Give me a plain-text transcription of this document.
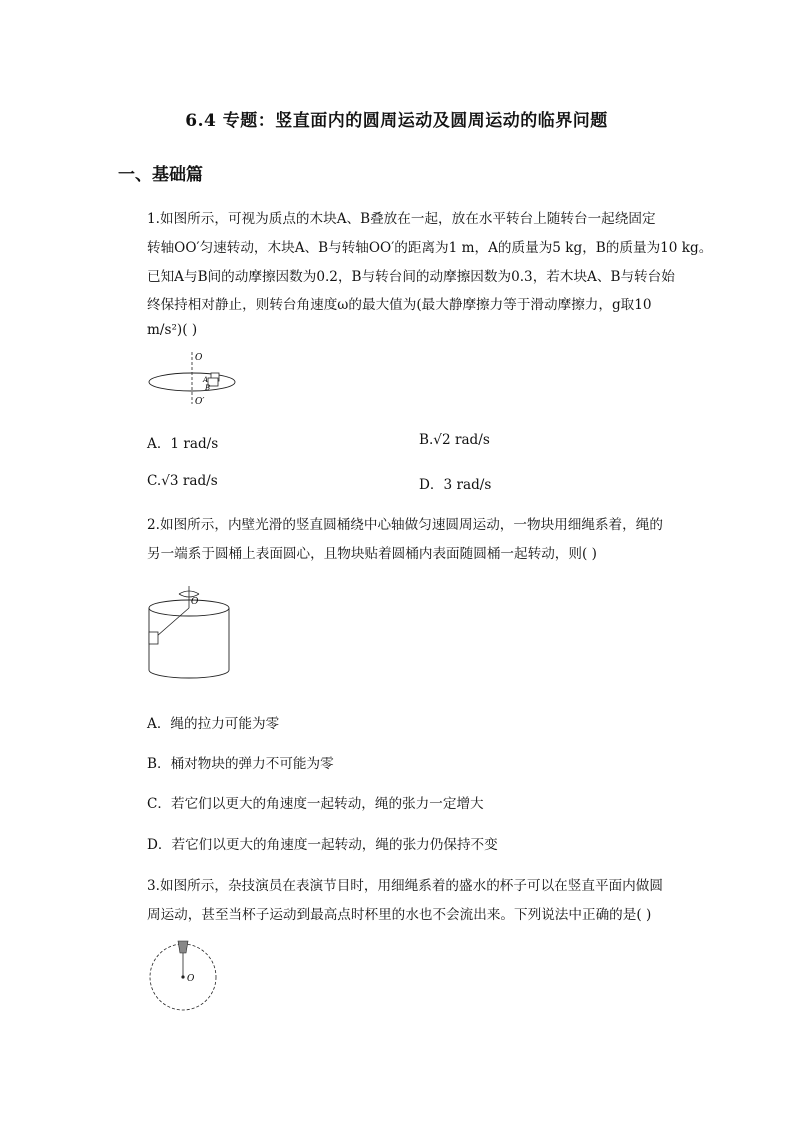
6.4 专题：竖直面内的圆周运动及圆周运动的临界问题
一、基础篇
1.如图所示，可视为质点的木块A、B叠放在一起，放在水平转台上随转台一起绕固定
转轴OO′匀速转动，木块A、B与转轴OO′的距离为1 m，A的质量为5 kg，B的质量为10 kg。
已知A与B间的动摩擦因数为0.2，B与转台间的动摩擦因数为0.3，若木块A、B与转台始
终保持相对静止，则转台角速度ω的最大值为(最大静摩擦力等于滑动摩擦力，g取10
m/s²)( )
O
O′
A
B
A．1 rad/s	B.√2 rad/s
C.√3 rad/s	D．3 rad/s
2.如图所示，内壁光滑的竖直圆桶绕中心轴做匀速圆周运动，一物块用细绳系着，绳的
另一端系于圆桶上表面圆心，且物块贴着圆桶内表面随圆桶一起转动，则( )
O
A．绳的拉力可能为零
B．桶对物块的弹力不可能为零
C．若它们以更大的角速度一起转动，绳的张力一定增大
D．若它们以更大的角速度一起转动，绳的张力仍保持不变
3.如图所示，杂技演员在表演节目时，用细绳系着的盛水的杯子可以在竖直平面内做圆
周运动，甚至当杯子运动到最高点时杯里的水也不会流出来。下列说法中正确的是( )
O
